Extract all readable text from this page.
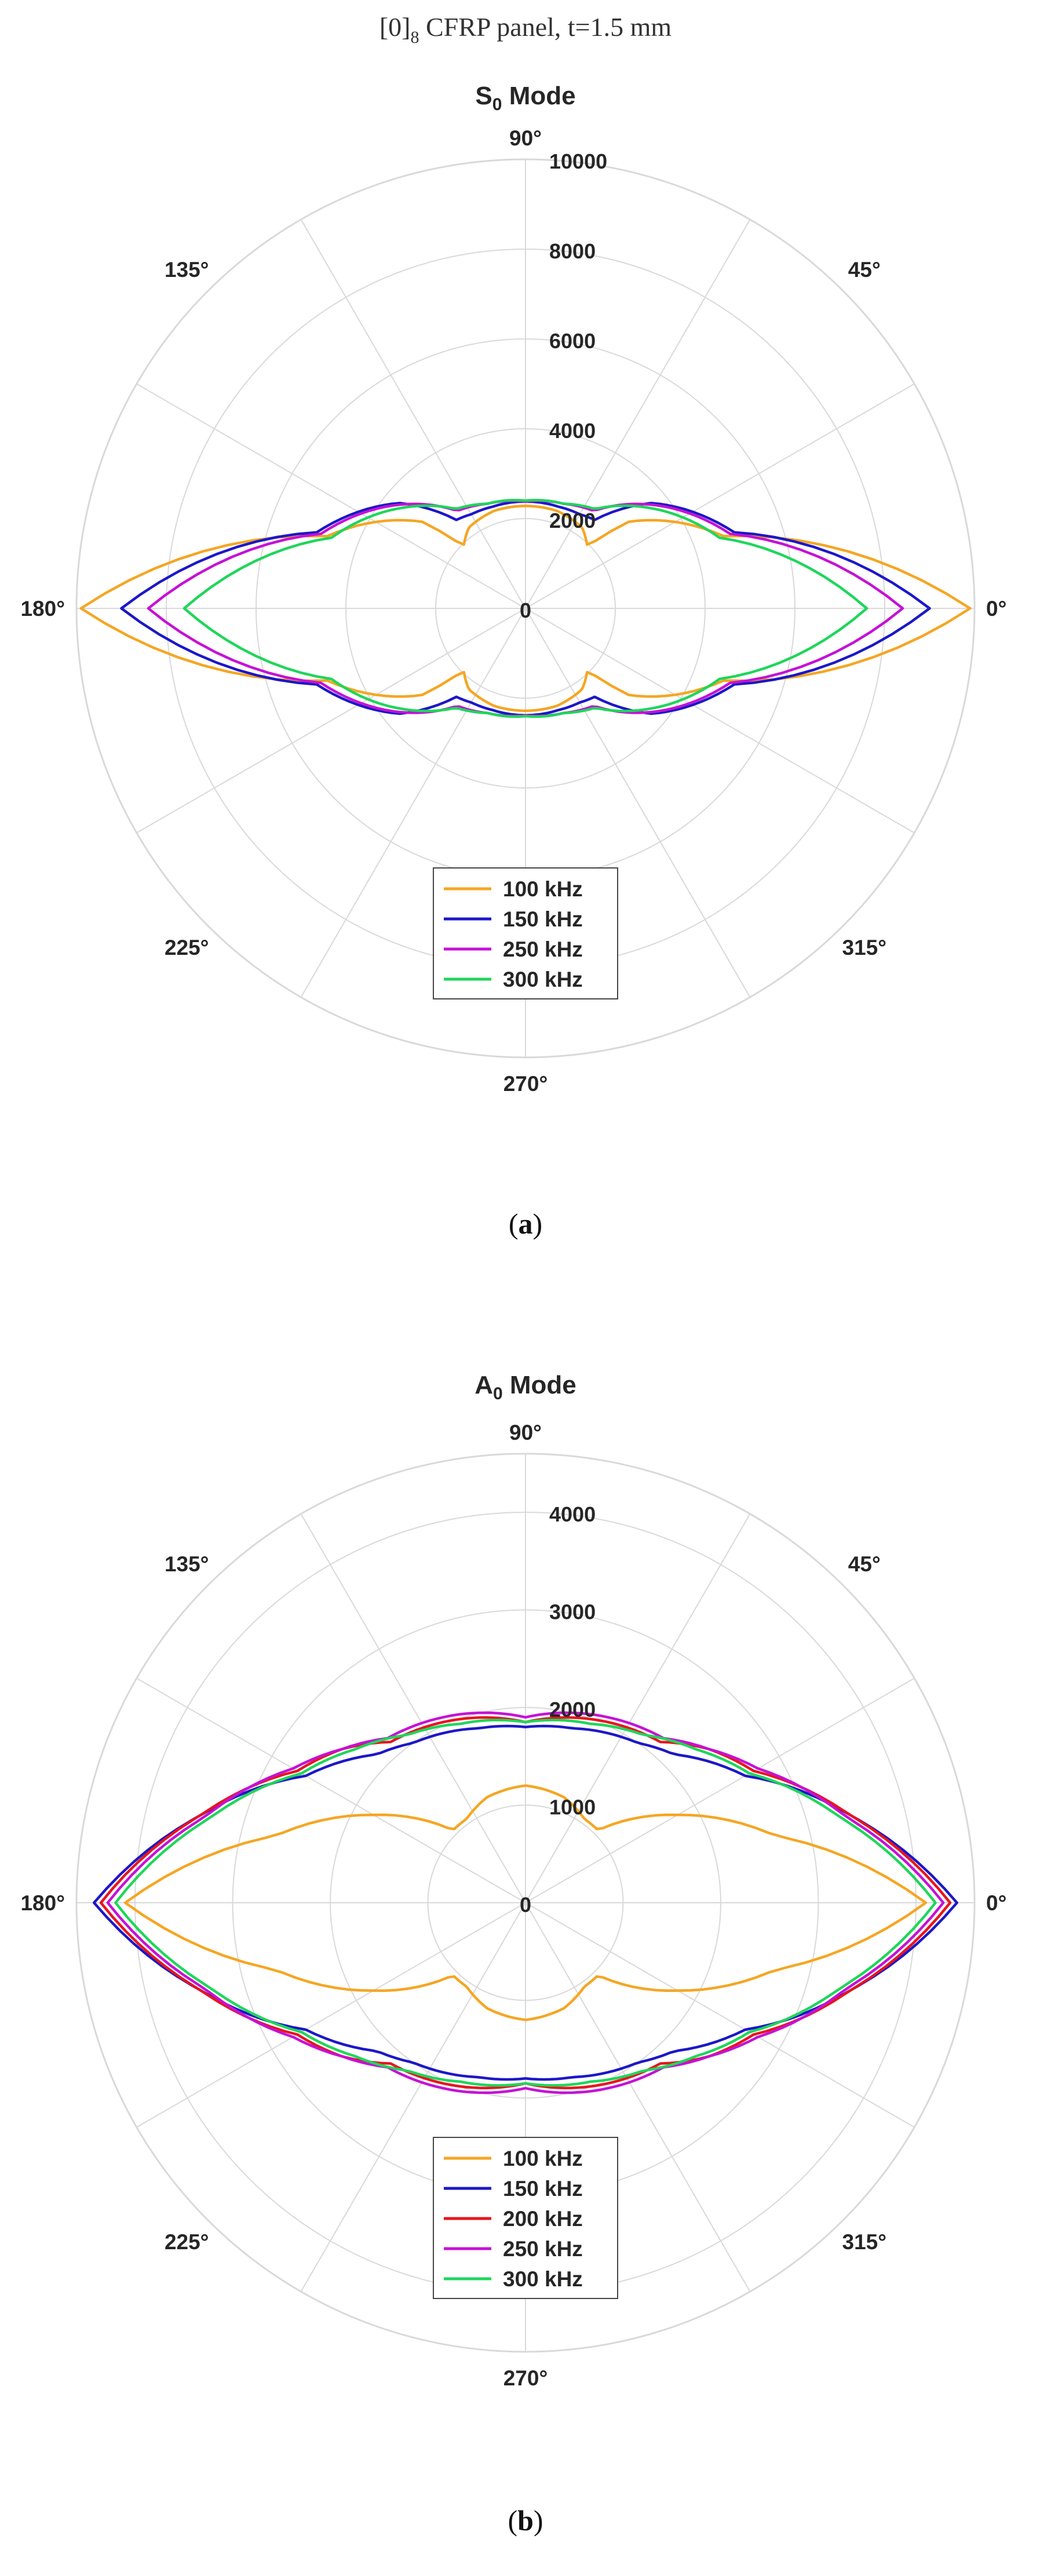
$[0]_8$ CFRP panel, t=1.5 mm
$S_0$ Mode
0
2000
4000
6000
8000
10000
0°
45°
90°
135°
180°
225°
270°
315°
100 kHz
150 kHz
250 kHz
300 kHz
(a)
$A_0$ Mode
0
1000
2000
3000
4000
0°
45°
90°
135°
180°
225°
270°
315°
100 kHz
150 kHz
200 kHz
250 kHz
300 kHz
(b)
